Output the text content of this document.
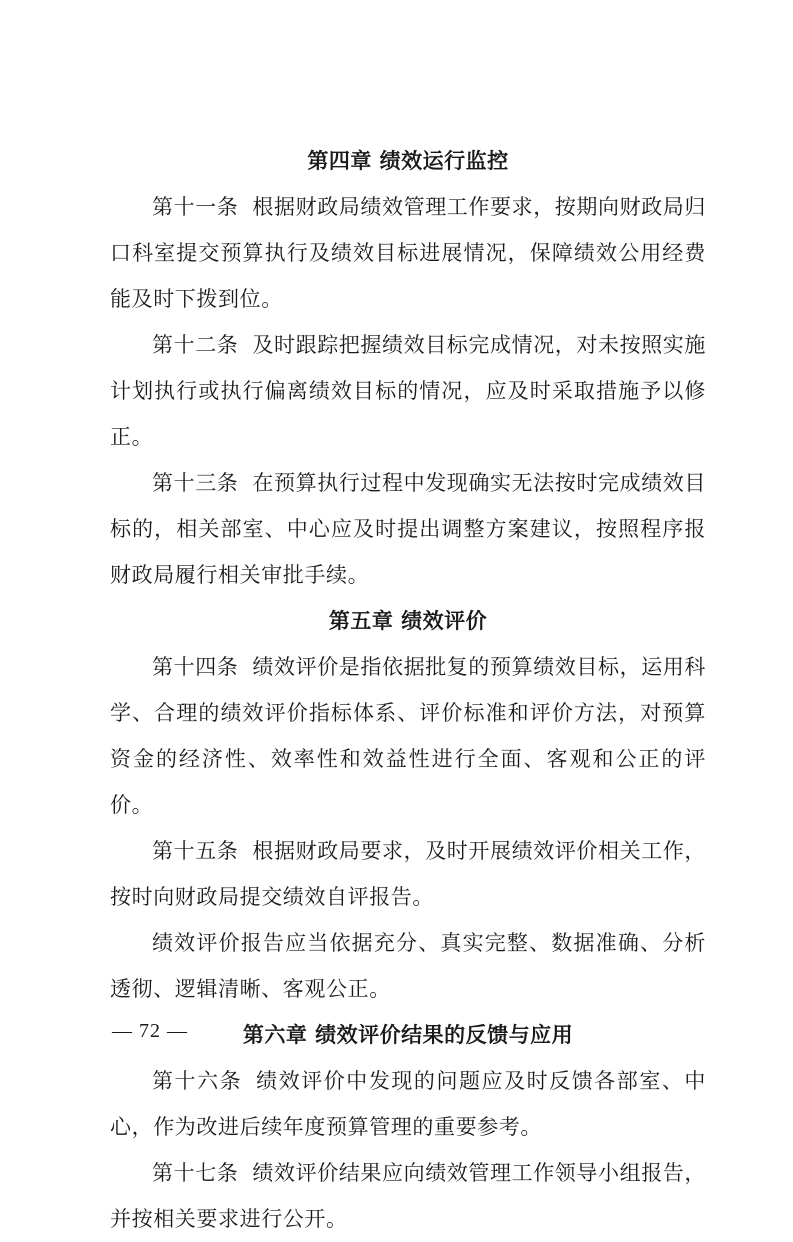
第四章 绩效运行监控

第十一条 根据财政局绩效管理工作要求，按期向财政局归口科室提交预算执行及绩效目标进展情况，保障绩效公用经费能及时下拨到位。

第十二条 及时跟踪把握绩效目标完成情况，对未按照实施计划执行或执行偏离绩效目标的情况，应及时采取措施予以修正。

第十三条 在预算执行过程中发现确实无法按时完成绩效目标的，相关部室、中心应及时提出调整方案建议，按照程序报财政局履行相关审批手续。

第五章 绩效评价

第十四条 绩效评价是指依据批复的预算绩效目标，运用科学、合理的绩效评价指标体系、评价标准和评价方法，对预算资金的经济性、效率性和效益性进行全面、客观和公正的评价。

第十五条 根据财政局要求，及时开展绩效评价相关工作，按时向财政局提交绩效自评报告。

绩效评价报告应当依据充分、真实完整、数据准确、分析透彻、逻辑清晰、客观公正。

第六章 绩效评价结果的反馈与应用

第十六条 绩效评价中发现的问题应及时反馈各部室、中心，作为改进后续年度预算管理的重要参考。

第十七条 绩效评价结果应向绩效管理工作领导小组报告，并按相关要求进行公开。

— 72 —
